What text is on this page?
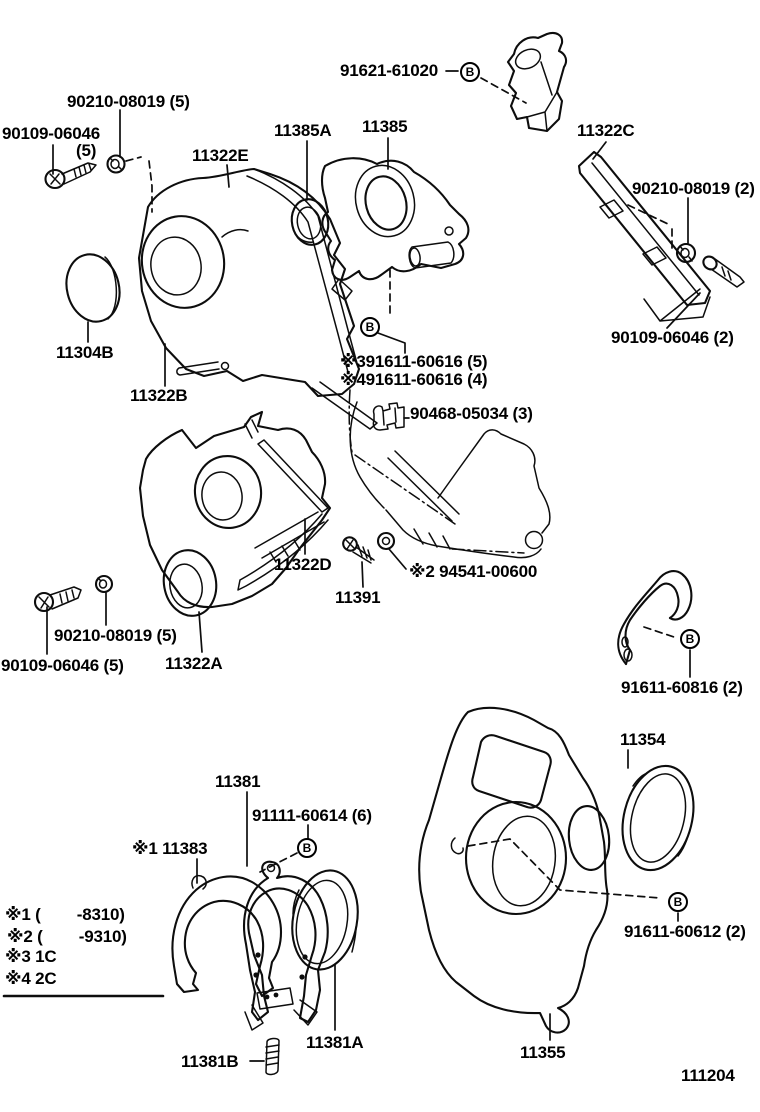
B
B
B
B
B
90210-08019 (5)
90109-06046
(5)	11322E
11385A 11385
91621-61020
11322C
90210-08019 (2)
90109-06046 (2)
11304B
11322B
※391611-60616 (5)
※491611-60616 (4)
90468-05034 (3)
11322D	※2 94541-00600
11391
90210-08019 (5)
90109-06046 (5) 11322A
91611-60816 (2)
11354
11381
91111-60614 (6)
※1 11383
※1 (        -8310)
※2 (        -9310)
※3 1C
※4 2C
91611-60612 (2)
11381B
11381A
11355
111204
